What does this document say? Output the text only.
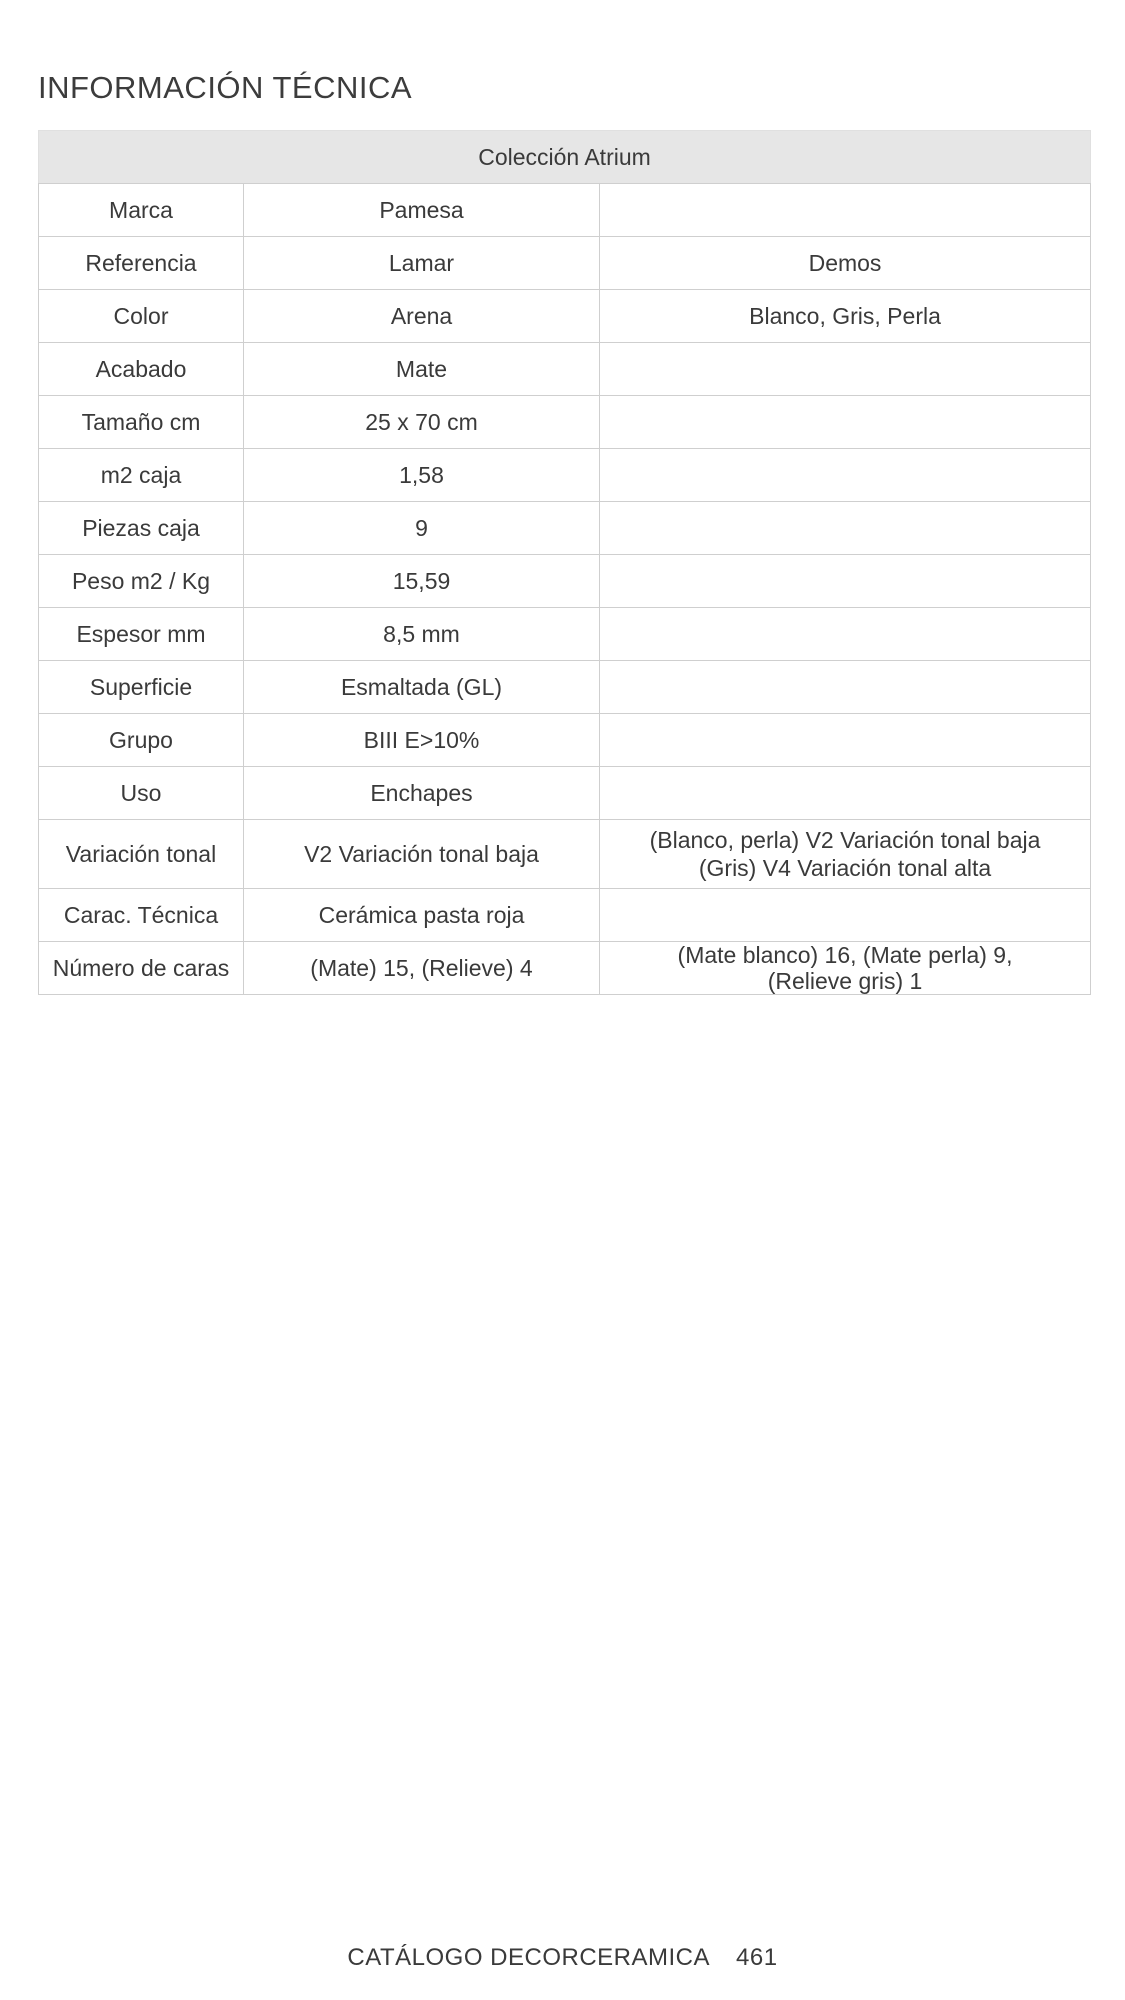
INFORMACIÓN TÉCNICA
Colección Atrium		
Marca	Pamesa	
Referencia	Lamar	Demos
Color	Arena	Blanco, Gris, Perla
Acabado	Mate	
Tamaño cm	25 x 70 cm	
m2 caja	1,58	
Piezas caja	9	
Peso m2 / Kg	15,59	
Espesor mm	8,5 mm	
Superficie	Esmaltada (GL)	
Grupo	BIII E>10%	
Uso	Enchapes	
Variación tonal	V2 Variación tonal baja	(Blanco, perla) V2 Variación tonal baja
(Gris) V4 Variación tonal alta

Carac. Técnica	Cerámica pasta roja	
Número de caras	(Mate) 15, (Relieve) 4	(Mate blanco) 16, (Mate perla) 9,
(Relieve gris) 1
CATÁLOGO DECORCERAMICA 461
